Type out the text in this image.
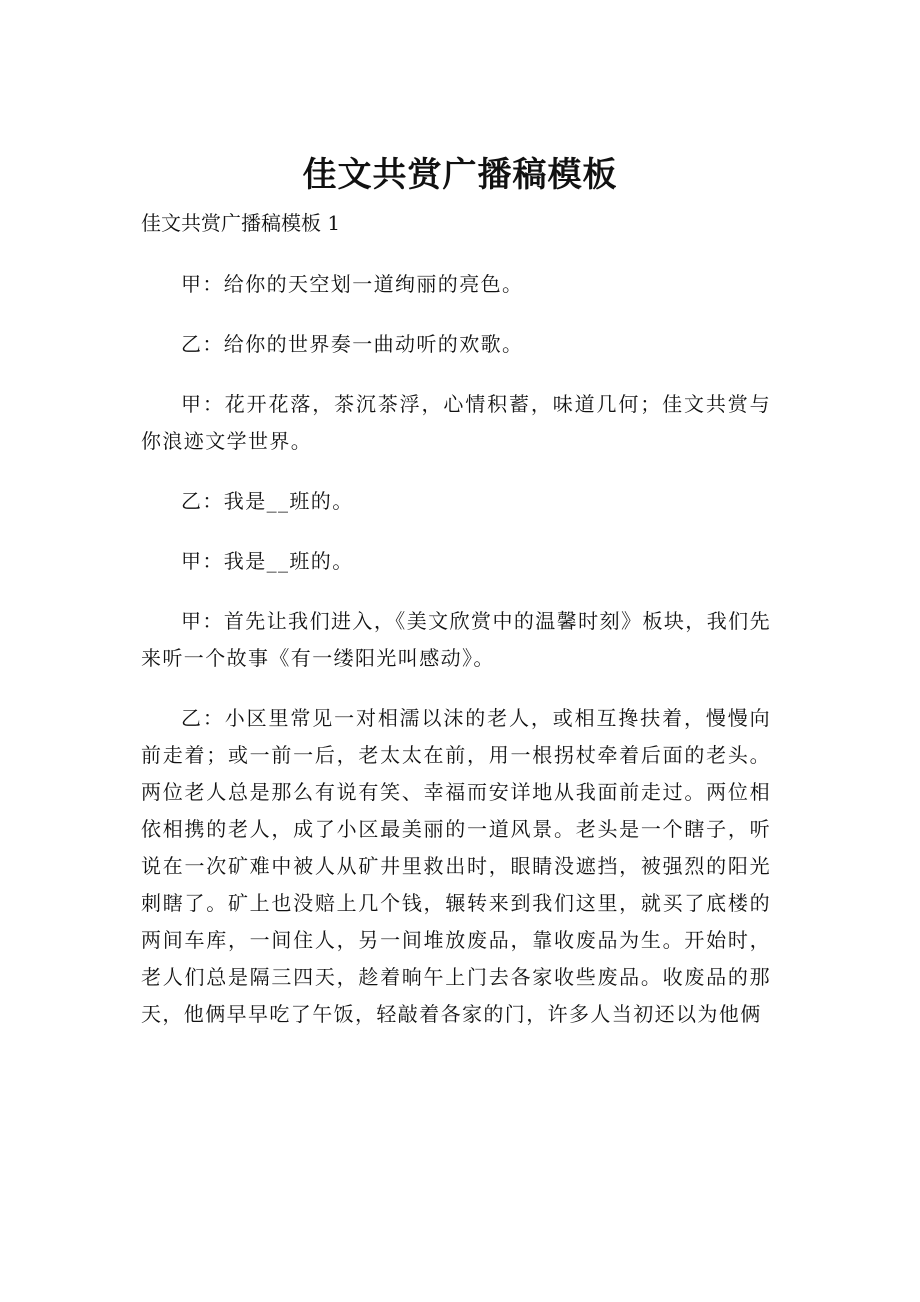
佳文共赏广播稿模板
佳文共赏广播稿模板 1

甲：给你的天空划一道绚丽的亮色。

乙：给你的世界奏一曲动听的欢歌。

甲：花开花落，茶沉茶浮，心情积蓄，味道几何；佳文共赏与你浪迹文学世界。

乙：我是__班的。

甲：我是__班的。

甲：首先让我们进入，《美文欣赏中的温馨时刻》板块，我们先来听一个故事《有一缕阳光叫感动》。

乙：小区里常见一对相濡以沫的老人，或相互搀扶着，慢慢向前走着；或一前一后，老太太在前，用一根拐杖牵着后面的老头。两位老人总是那么有说有笑、幸福而安详地从我面前走过。两位相依相携的老人，成了小区最美丽的一道风景。老头是一个瞎子，听说在一次矿难中被人从矿井里救出时，眼睛没遮挡，被强烈的阳光刺瞎了。矿上也没赔上几个钱，辗转来到我们这里，就买了底楼的两间车库，一间住人，另一间堆放废品，靠收废品为生。开始时，老人们总是隔三四天，趁着晌午上门去各家收些废品。收废品的那天，他俩早早吃了午饭，轻敲着各家的门，许多人当初还以为他俩
